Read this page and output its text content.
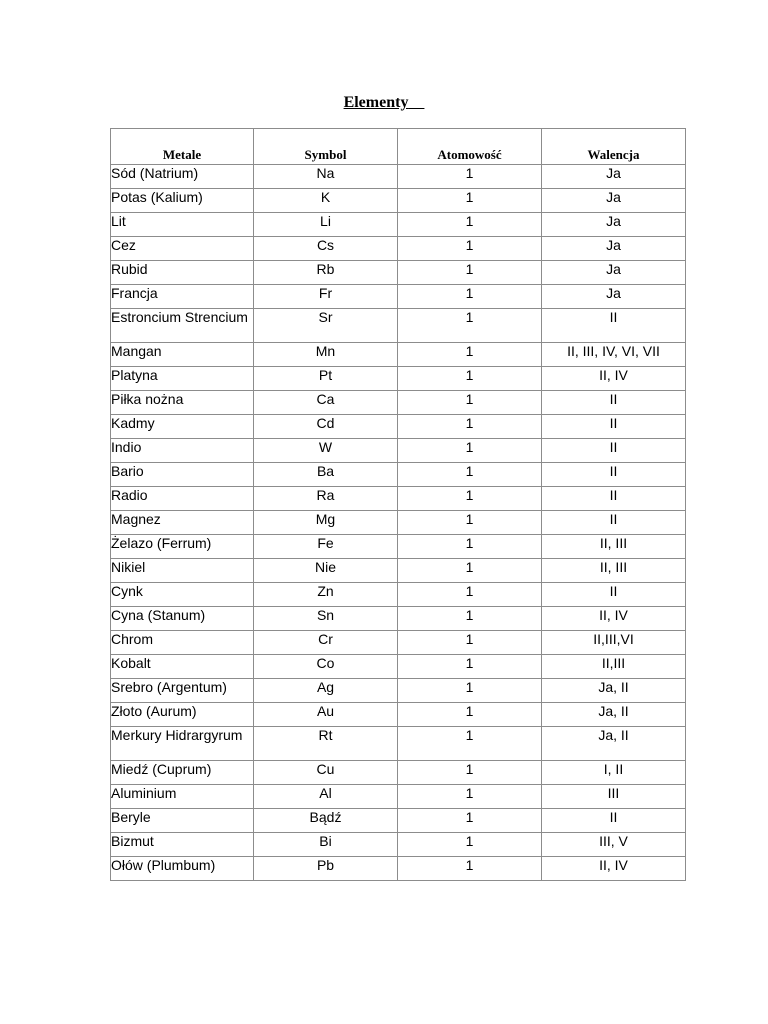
Elementy
Metale	Symbol	Atomowość	Walencja
Sód (Natrium)	Na	1	Ja
Potas (Kalium)	K	1	Ja
Lit	Li	1	Ja
Cez	Cs	1	Ja
Rubid	Rb	1	Ja
Francja	Fr	1	Ja
Estroncium Strencium	Sr	1	II
Mangan	Mn	1	II, III, IV, VI, VII
Platyna	Pt	1	II, IV
Piłka nożna	Ca	1	II
Kadmy	Cd	1	II
Indio	W	1	II
Bario	Ba	1	II
Radio	Ra	1	II
Magnez	Mg	1	II
Żelazo (Ferrum)	Fe	1	II, III
Nikiel	Nie	1	II, III
Cynk	Zn	1	II
Cyna (Stanum)	Sn	1	II, IV
Chrom	Cr	1	II,III,VI
Kobalt	Co	1	II,III
Srebro (Argentum)	Ag	1	Ja, II
Złoto (Aurum)	Au	1	Ja, II
Merkury Hidrargyrum	Rt	1	Ja, II
Miedź (Cuprum)	Cu	1	I, II
Aluminium	Al	1	III
Beryle	Bądź	1	II
Bizmut	Bi	1	III, V
Ołów (Plumbum)	Pb	1	II, IV
